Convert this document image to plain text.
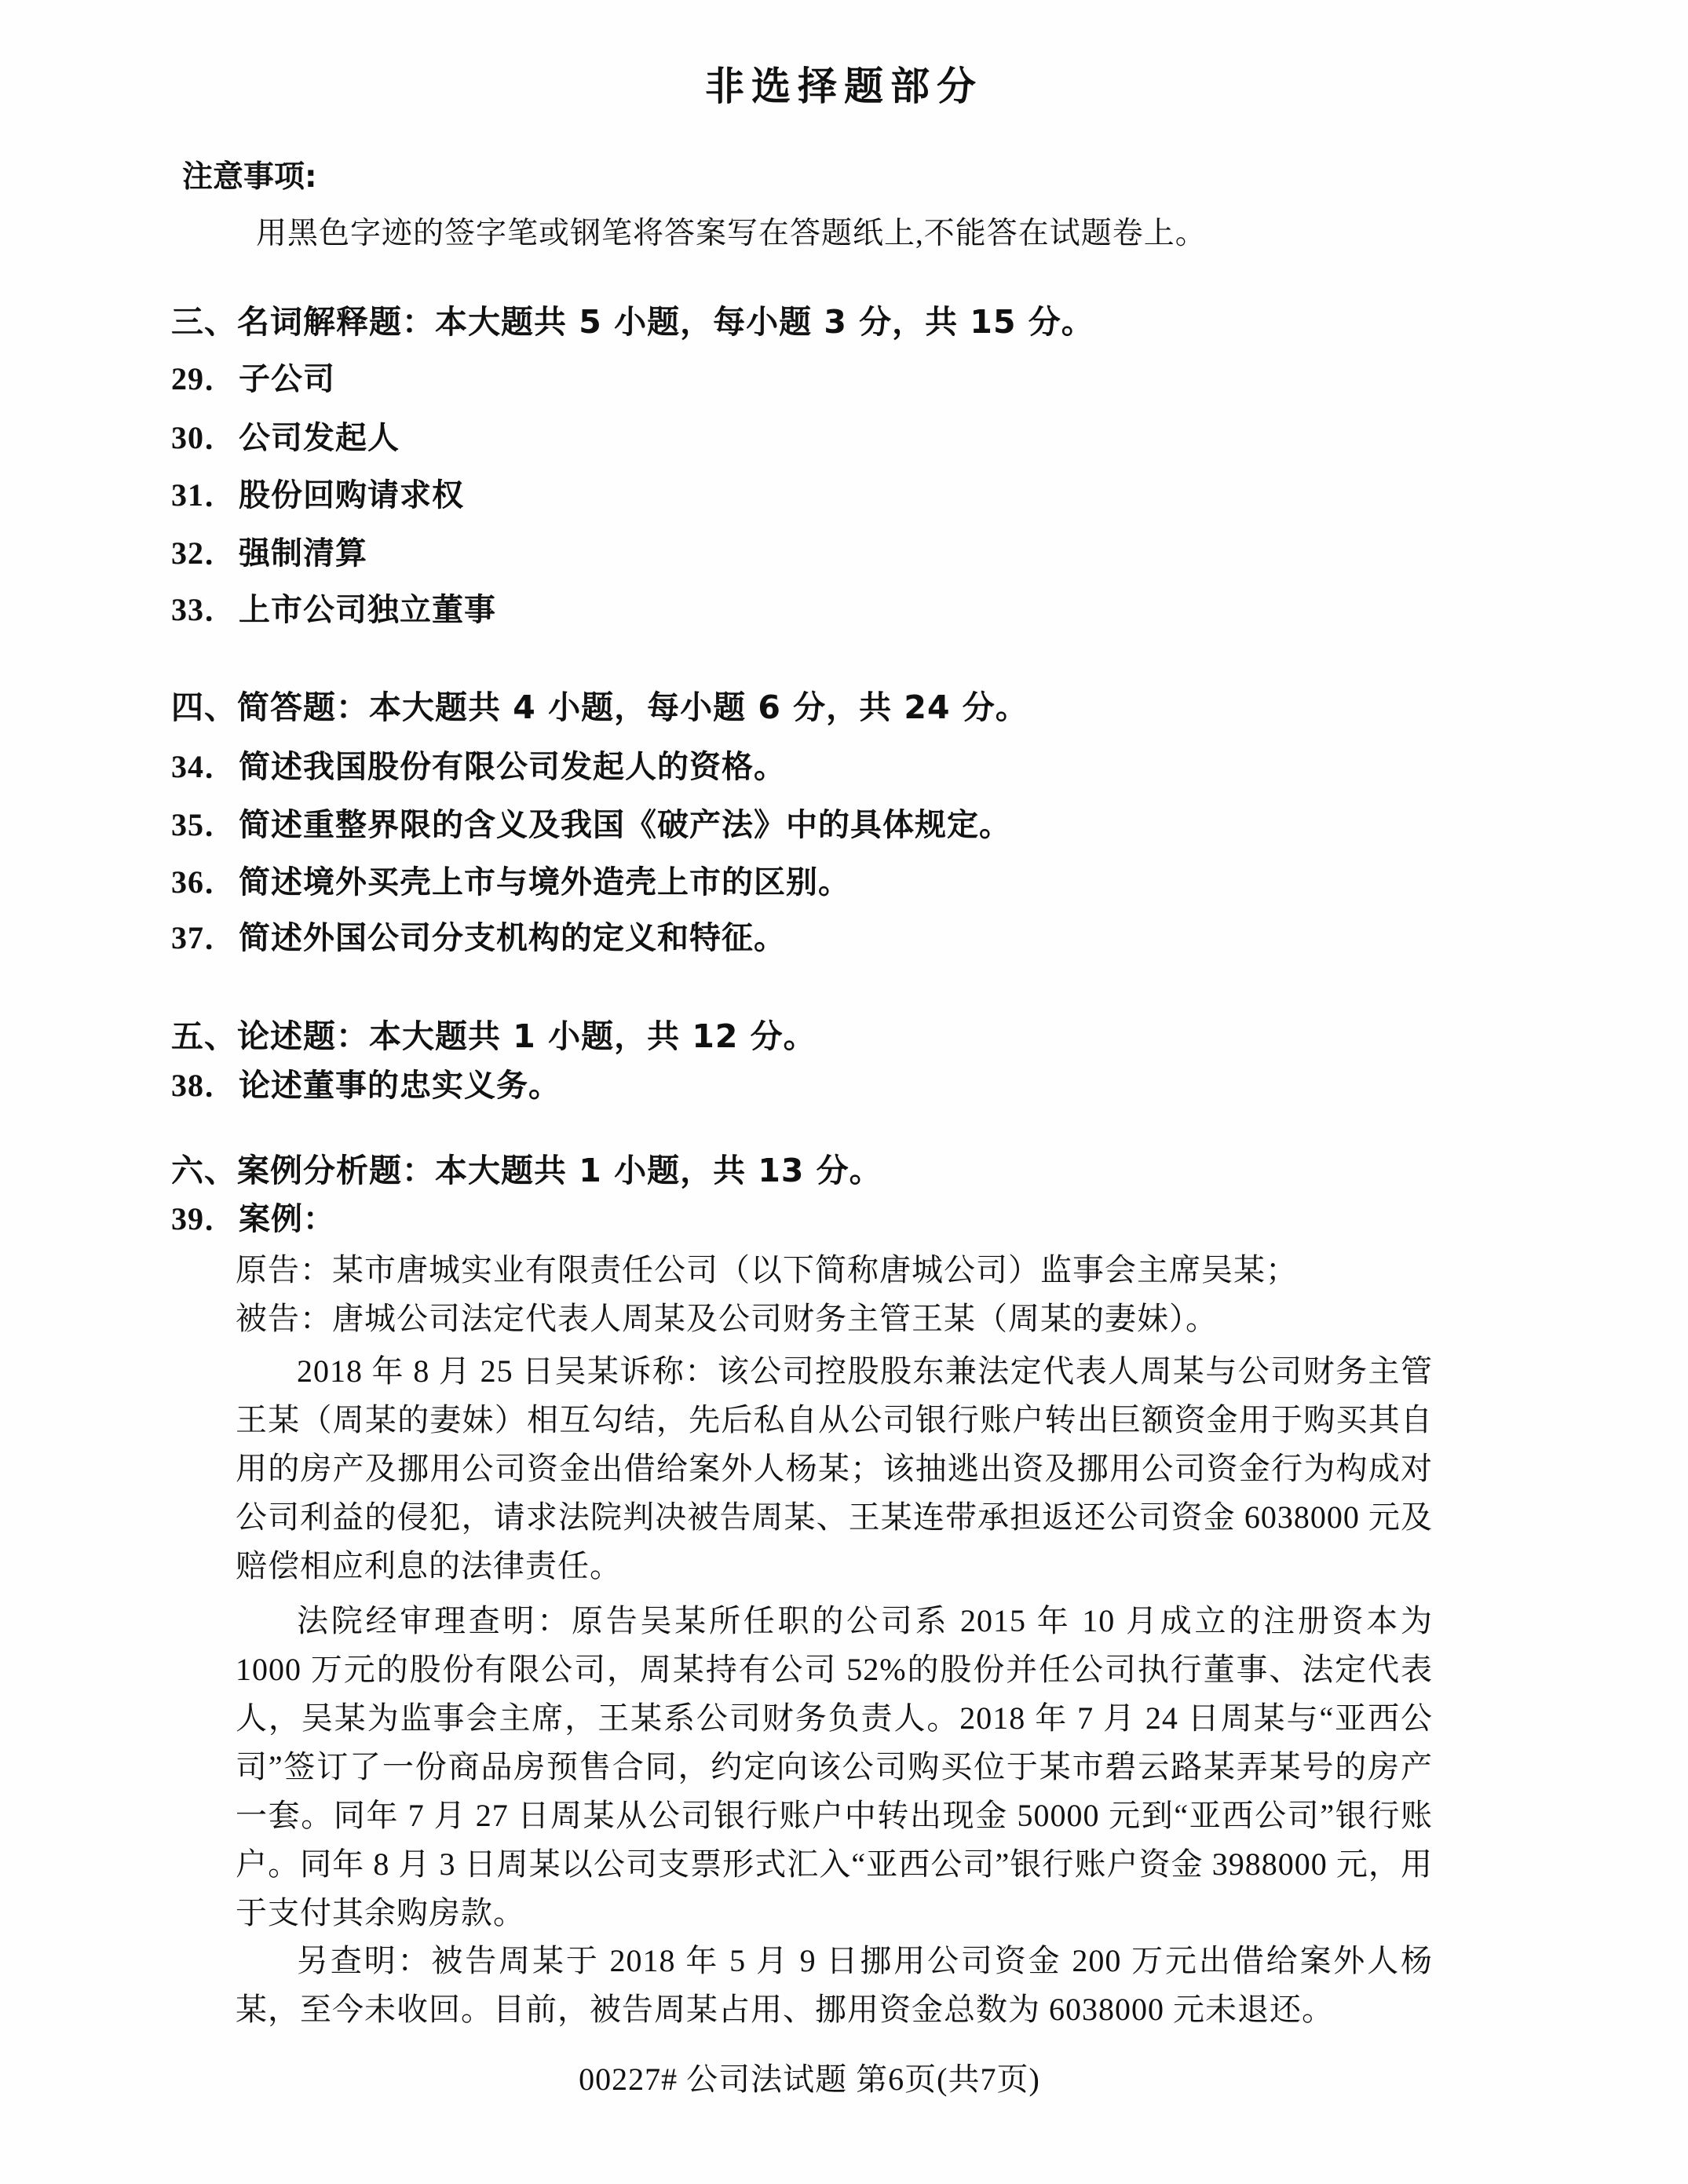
非选择题部分
注意事项:
用黑色字迹的签字笔或钢笔将答案写在答题纸上,不能答在试题卷上。
三、名词解释题：本大题共 5 小题，每小题 3 分，共 15 分。
29．子公司
30．公司发起人
31．股份回购请求权
32．强制清算
33．上市公司独立董事
四、简答题：本大题共 4 小题，每小题 6 分，共 24 分。
34．简述我国股份有限公司发起人的资格。
35．简述重整界限的含义及我国《破产法》中的具体规定。
36．简述境外买壳上市与境外造壳上市的区别。
37．简述外国公司分支机构的定义和特征。
五、论述题：本大题共 1 小题，共 12 分。
38．论述董事的忠实义务。
六、案例分析题：本大题共 1 小题，共 13 分。
39．案例：
原告：某市唐城实业有限责任公司（以下简称唐城公司）监事会主席吴某；
被告：唐城公司法定代表人周某及公司财务主管王某（周某的妻妹）。
2018 年 8 月 25 日吴某诉称：该公司控股股东兼法定代表人周某与公司财务主管王某（周某的妻妹）相互勾结，先后私自从公司银行账户转出巨额资金用于购买其自用的房产及挪用公司资金出借给案外人杨某；该抽逃出资及挪用公司资金行为构成对公司利益的侵犯，请求法院判决被告周某、王某连带承担返还公司资金 6038000 元及赔偿相应利息的法律责任。
法院经审理查明：原告吴某所任职的公司系 2015 年 10 月成立的注册资本为 1000 万元的股份有限公司，周某持有公司 52%的股份并任公司执行董事、法定代表人，吴某为监事会主席，王某系公司财务负责人。2018 年 7 月 24 日周某与“亚西公司”签订了一份商品房预售合同，约定向该公司购买位于某市碧云路某弄某号的房产一套。同年 7 月 27 日周某从公司银行账户中转出现金 50000 元到“亚西公司”银行账户。同年 8 月 3 日周某以公司支票形式汇入“亚西公司”银行账户资金 3988000 元，用于支付其余购房款。
另查明：被告周某于 2018 年 5 月 9 日挪用公司资金 200 万元出借给案外人杨某，至今未收回。目前，被告周某占用、挪用资金总数为 6038000 元未退还。
00227# 公司法试题 第6页(共7页)
